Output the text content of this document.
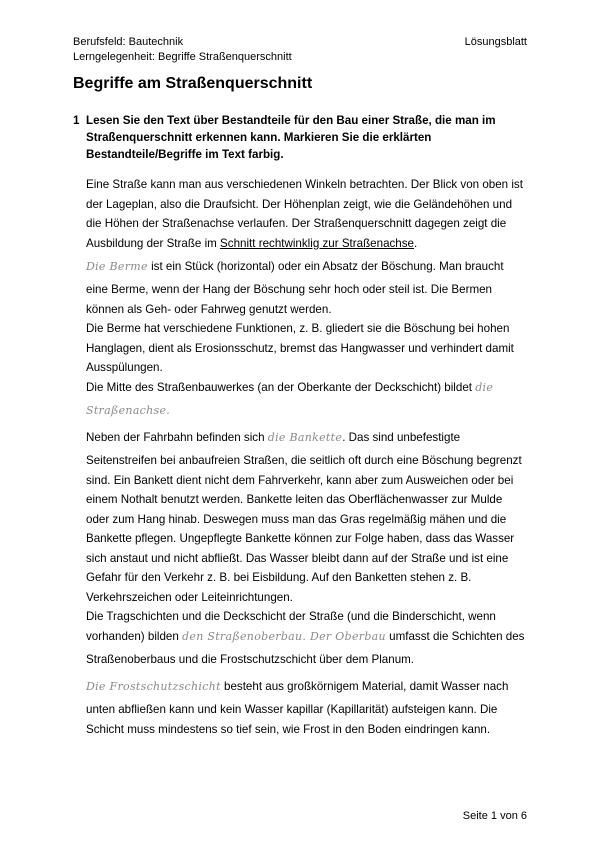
Berufsfeld: Bautechnik
Lerngelegenheit: Begriffe Straßenquerschnitt
Lösungsblatt
Begriffe am Straßenquerschnitt
1 Lesen Sie den Text über Bestandteile für den Bau einer Straße, die man im Straßenquerschnitt erkennen kann. Markieren Sie die erklärten Bestandteile/Begriffe im Text farbig.

Eine Straße kann man aus verschiedenen Winkeln betrachten. Der Blick von oben ist der Lageplan, also die Draufsicht. Der Höhenplan zeigt, wie die Geländehöhen und die Höhen der Straßenachse verlaufen. Der Straßenquerschnitt dagegen zeigt die Ausbildung der Straße im Schnitt rechtwinklig zur Straßenachse.

Die Berme ist ein Stück (horizontal) oder ein Absatz der Böschung. Man braucht

eine Berme, wenn der Hang der Böschung sehr hoch oder steil ist. Die Bermen können als Geh- oder Fahrweg genutzt werden.

Die Berme hat verschiedene Funktionen, z. B. gliedert sie die Böschung bei hohen Hanglagen, dient als Erosionsschutz, bremst das Hangwasser und verhindert damit Ausspülungen.

Die Mitte des Straßenbauwerkes (an der Oberkante der Deckschicht) bildet die

Straßenachse.

Neben der Fahrbahn befinden sich die Bankette. Das sind unbefestigte

Seitenstreifen bei anbaufreien Straßen, die seitlich oft durch eine Böschung begrenzt sind. Ein Bankett dient nicht dem Fahrverkehr, kann aber zum Ausweichen oder bei einem Nothalt benutzt werden. Bankette leiten das Oberflächenwasser zur Mulde oder zum Hang hinab. Deswegen muss man das Gras regelmäßig mähen und die Bankette pflegen. Ungepflegte Bankette können zur Folge haben, dass das Wasser sich anstaut und nicht abfließt. Das Wasser bleibt dann auf der Straße und ist eine Gefahr für den Verkehr z. B. bei Eisbildung. Auf den Banketten stehen z. B. Verkehrszeichen oder Leiteinrichtungen.

Die Tragschichten und die Deckschicht der Straße (und die Binderschicht, wenn vorhanden) bilden den Straßenoberbau. Der Oberbau umfasst die Schichten des

Straßenoberbaus und die Frostschutzschicht über dem Planum.

Die Frostschutzschicht besteht aus großkörnigem Material, damit Wasser nach

unten abfließen kann und kein Wasser kapillar (Kapillarität) aufsteigen kann. Die Schicht muss mindestens so tief sein, wie Frost in den Boden eindringen kann.

Seite 1 von 6
